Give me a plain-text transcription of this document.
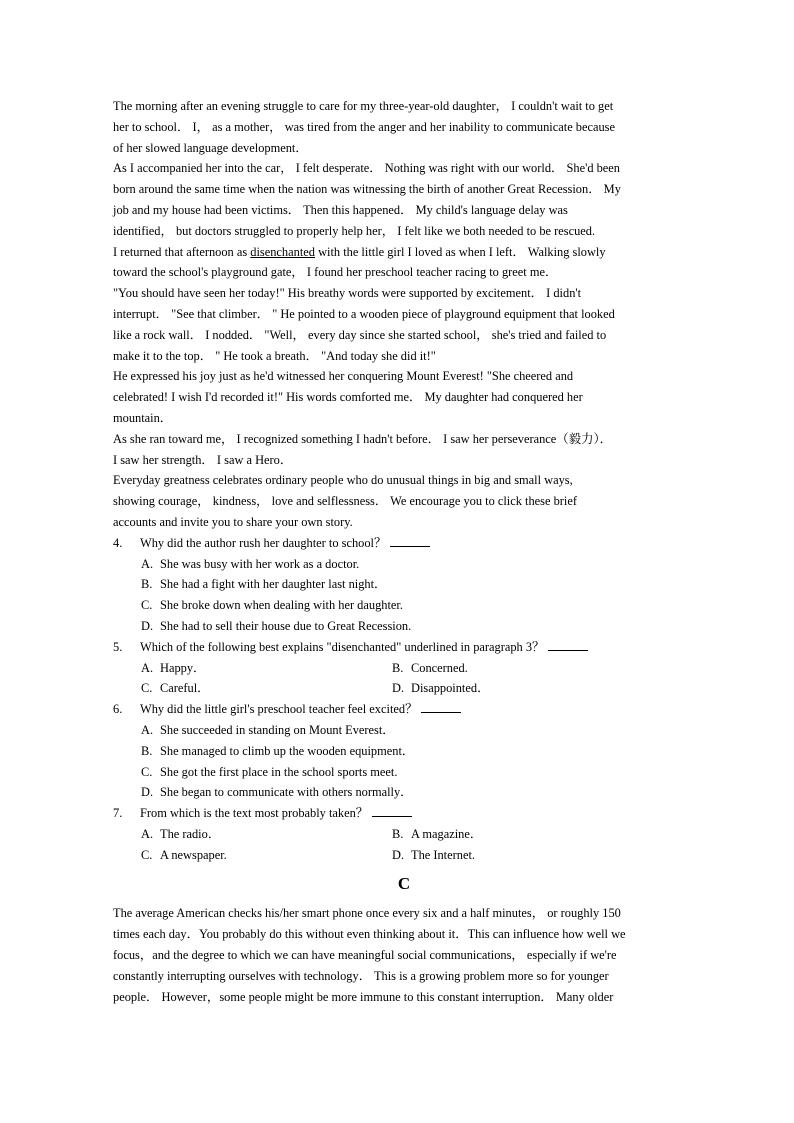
The morning after an evening struggle to care for my three-year-old daughter， I couldn't wait to get
her to school． I， as a mother， was tired from the anger and her inability to communicate because
of her slowed language development．
As I accompanied her into the car， I felt desperate． Nothing was right with our world． She'd been
born around the same time when the nation was witnessing the birth of another Great Recession． My
job and my house had been victims． Then this happened． My child's language delay was
identified， but doctors struggled to properly help her， I felt like we both needed to be rescued.
I returned that afternoon as disenchanted with the little girl I loved as when I left． Walking slowly
toward the school's playground gate， I found her preschool teacher racing to greet me．
"You should have seen her today!" His breathy words were supported by excitement． I didn't
interrupt． "See that climber． " He pointed to a wooden piece of playground equipment that looked
like a rock wall． I nodded． "Well， every day since she started school， she's tried and failed to
make it to the top． " He took a breath． "And today she did it!"
He expressed his joy just as he'd witnessed her conquering Mount Everest! "She cheered and
celebrated! I wish I'd recorded it!" His words comforted me． My daughter had conquered her
mountain．
As she ran toward me， I recognized something I hadn't before． I saw her perseverance（毅力）．
I saw her strength． I saw a Hero．
Everyday greatness celebrates ordinary people who do unusual things in big and small ways,
showing courage， kindness， love and selflessness． We encourage you to click these brief
accounts and invite you to share your own story.
4.	Why did the author rush her daughter to school？
A. She was busy with her work as a doctor.
B. She had a fight with her daughter last night．
C. She broke down when dealing with her daughter.
D. She had to sell their house due to Great Recession.
5.	Which of the following best explains "disenchanted" underlined in paragraph 3？
A. Happy．	B. Concerned.
C. Careful．	D. Disappointed．
6.	Why did the little girl's preschool teacher feel excited？
A. She succeeded in standing on Mount Everest．
B. She managed to climb up the wooden equipment．
C. She got the first place in the school sports meet.
D. She began to communicate with others normally．
7.	From which is the text most probably taken？
A. The radio．	B. A magazine．
C. A newspaper.	D. The Internet.
C
The average American checks his/her smart phone once every six and a half minutes， or roughly 150
times each day．You probably do this without even thinking about it．This can influence how well we
focus，and the degree to which we can have meaningful social communications， especially if we're
constantly interrupting ourselves with technology． This is a growing problem more so for younger
people． However，some people might be more immune to this constant interruption． Many older
